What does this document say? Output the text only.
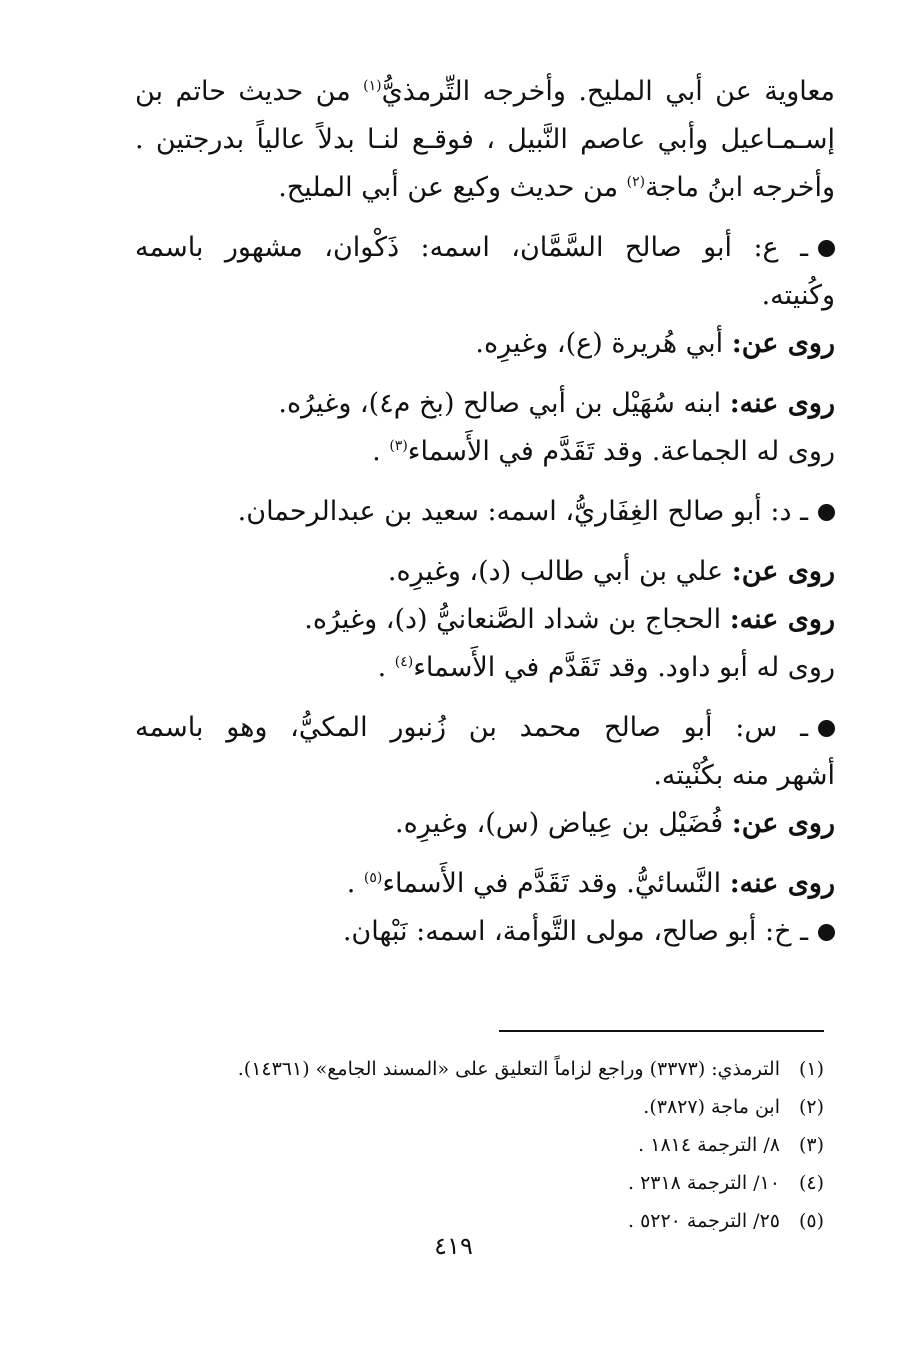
معاوية عن أبي المليح. وأخرجه التِّرمذيُّ$^{(١)}$ من حديث حاتم بن
إسـمـاعيل وأبي عاصم النَّبيل ، فوقـع لنـا بدلاً عالياً بدرجتين .
وأخرجه ابنُ ماجة$^{(٢)}$ من حديث وكيع عن أبي المليح.
ـ ع: أبو صالح السَّمَّان، اسمه: ذَكْوان، مشهور باسمه
وكُنيته.
روى عن: أبي هُريرة (ع)، وغيرِه.
روى عنه: ابنه سُهَيْل بن أبي صالح (بخ م٤)، وغيرُه.
روى له الجماعة. وقد تَقَدَّم في الأَسماء$^{(٣)}$ .
ـ د: أبو صالح الغِفَاريُّ، اسمه: سعيد بن عبدالرحمان.
روى عن: علي بن أبي طالب (د)، وغيرِه.
روى عنه: الحجاج بن شداد الصَّنعانيُّ (د)، وغيرُه.
روى له أبو داود. وقد تَقَدَّم في الأَسماء$^{(٤)}$ .
ـ س: أبو صالح محمد بن زُنبور المكيُّ، وهو باسمه
أشهر منه بكُنْيته.
روى عن: فُضَيْل بن عِياض (س)، وغيرِه.
روى عنه: النَّسائيُّ. وقد تَقَدَّم في الأَسماء$^{(٥)}$ .
ـ خ: أبو صالح، مولى التَّوأمة، اسمه: نَبْهان.
(١)الترمذي: (٣٣٧٣) وراجع لزاماً التعليق على «المسند الجامع» (١٤٣٦١).
(٢)ابن ماجة (٣٨٢٧).
(٣)٨/ الترجمة ١٨١٤ .
(٤)١٠/ الترجمة ٢٣١٨ .
(٥)٢٥/ الترجمة ٥٢٢٠ .
٤١٩
